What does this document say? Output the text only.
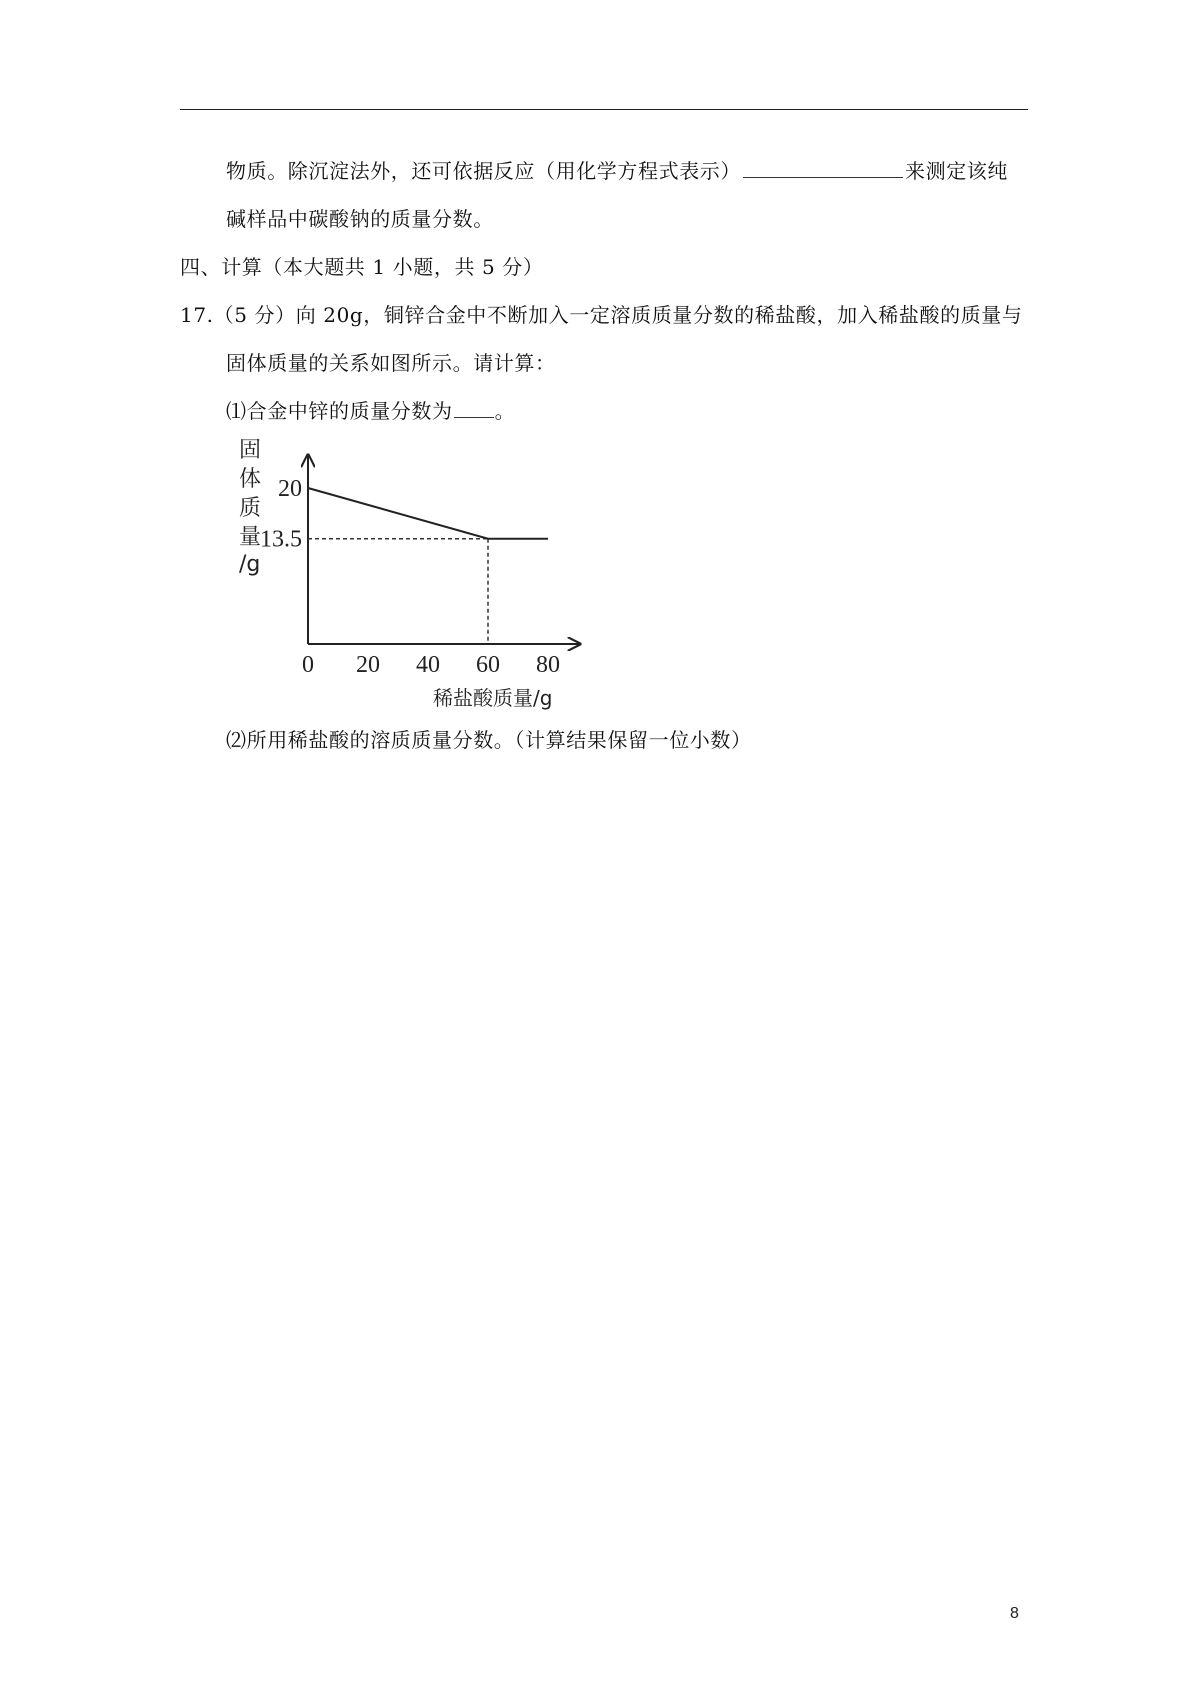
物质。除沉淀法外，还可依据反应（用化学方程式表示）	来测定该纯
碱样品中碳酸钠的质量分数。
四、计算（本大题共 1 小题，共 5 分）
17.（5 分）向 20g，铜锌合金中不断加入一定溶质质量分数的稀盐酸，加入稀盐酸的质量与
固体质量的关系如图所示。请计算：
⑴合金中锌的质量分数为 。
固
体
质
量
/g
0 20 40 60 80
20
13.5
稀盐酸质量/g
⑵所用稀盐酸的溶质质量分数。（计算结果保留一位小数）
8
